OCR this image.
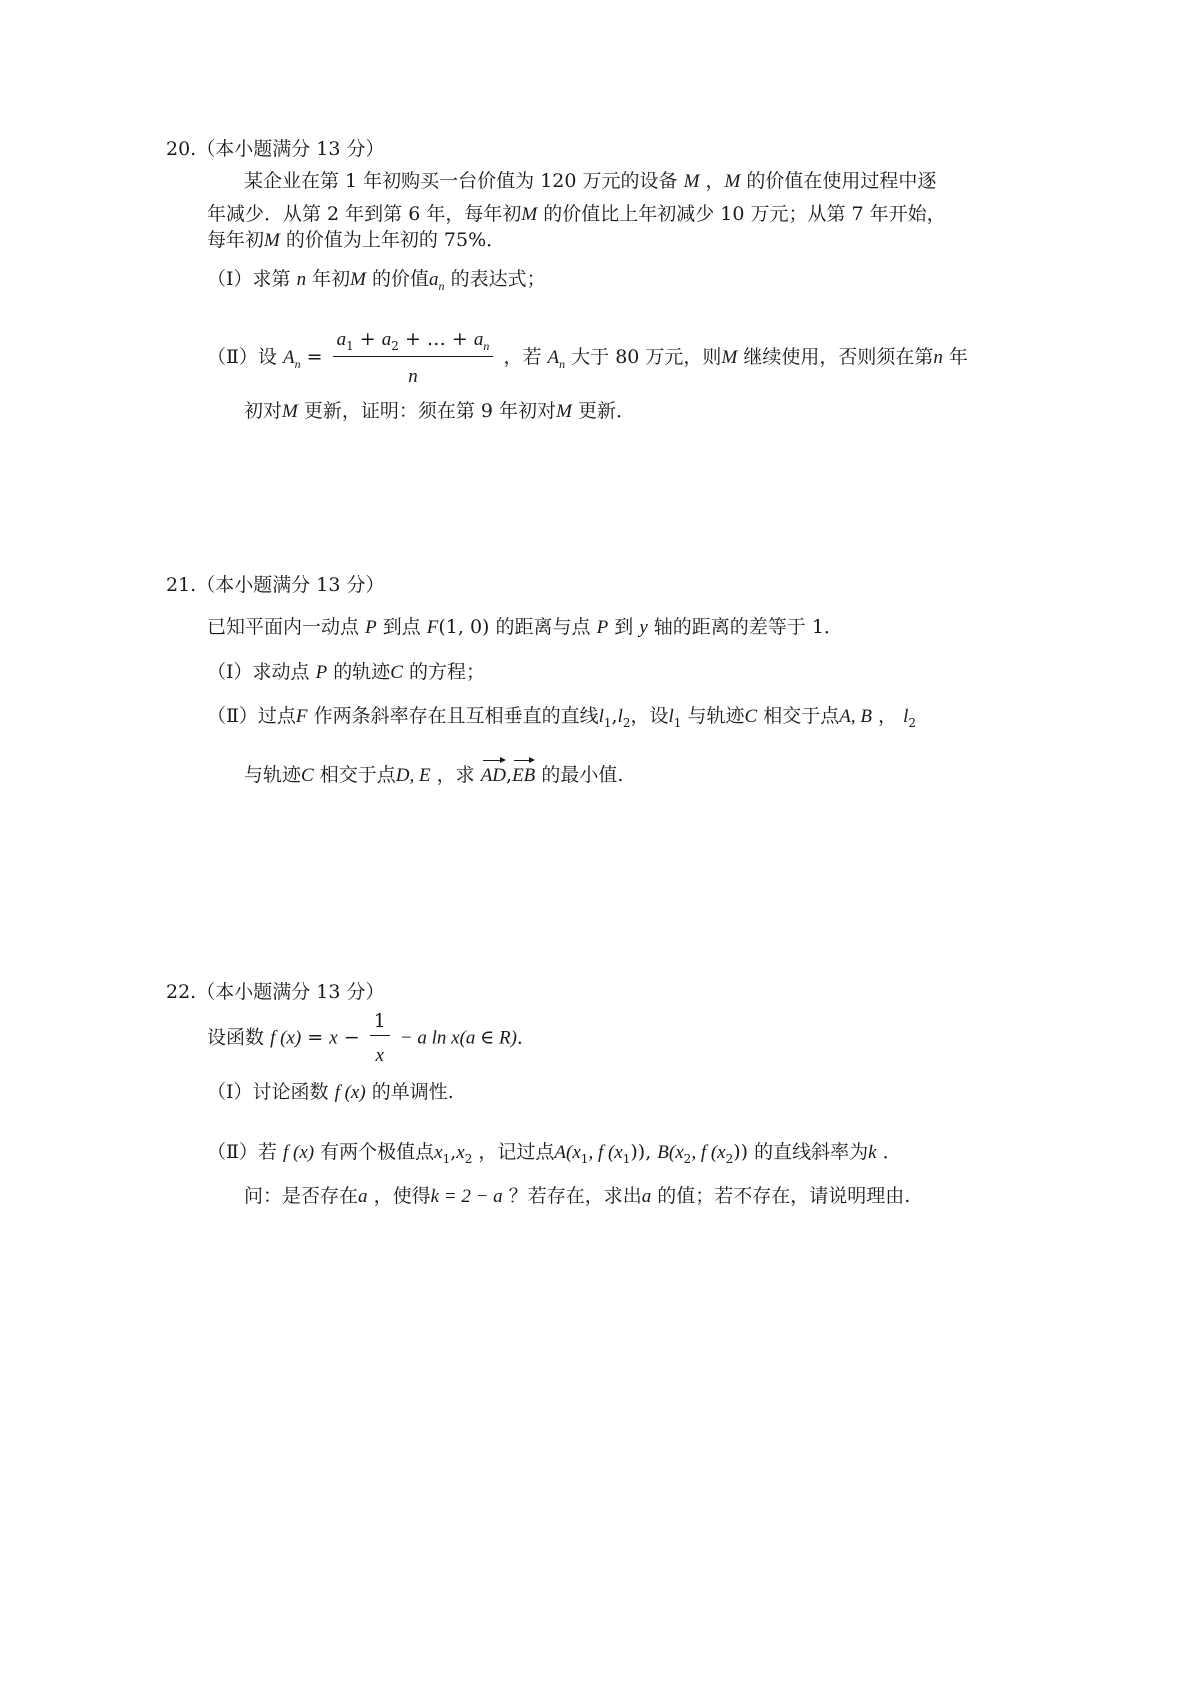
20.（本小题满分 13 分）
某企业在第 1 年初购买一台价值为 120 万元的设备 M ，M 的价值在使用过程中逐
年减少．从第 2 年到第 6 年，每年初M 的价值比上年初减少 10 万元；从第 7 年开始，
每年初M 的价值为上年初的 75%．
（Ⅰ）求第 n 年初M 的价值$a_n$ 的表达式；
（Ⅱ）设 $A_n = \frac{a_1 + a_2 + \dots + a_n}{n}$ ，若 $A_n$ 大于 80 万元，则M 继续使用，否则须在第n 年
初对M 更新，证明：须在第 9 年初对M 更新．
21.（本小题满分 13 分）
已知平面内一动点 P 到点 F(1, 0) 的距离与点 P 到 y 轴的距离的差等于 1．
（Ⅰ）求动点 P 的轨迹C 的方程；
（Ⅱ）过点F 作两条斜率存在且互相垂直的直线$l_1,l_2$，设$l_1$ 与轨迹C 相交于点A, B ， $l_2$
与轨迹C 相交于点D, E ，求 AD,EB 的最小值.
22.（本小题满分 13 分）
设函数 f $(x) = x - \frac{1}{x} - a$ ln x(a ∈ R)．
（Ⅰ）讨论函数 f (x) 的单调性.
（Ⅱ）若 f (x) 有两个极值点$x_1,x_2$ ，记过点$A(x_1$, f $(x_1)$), $B(x_2$, f $(x_2)$) 的直线斜率为k ．
问：是否存在a ，使得k = 2 − a ？若存在，求出a 的值；若不存在，请说明理由.
